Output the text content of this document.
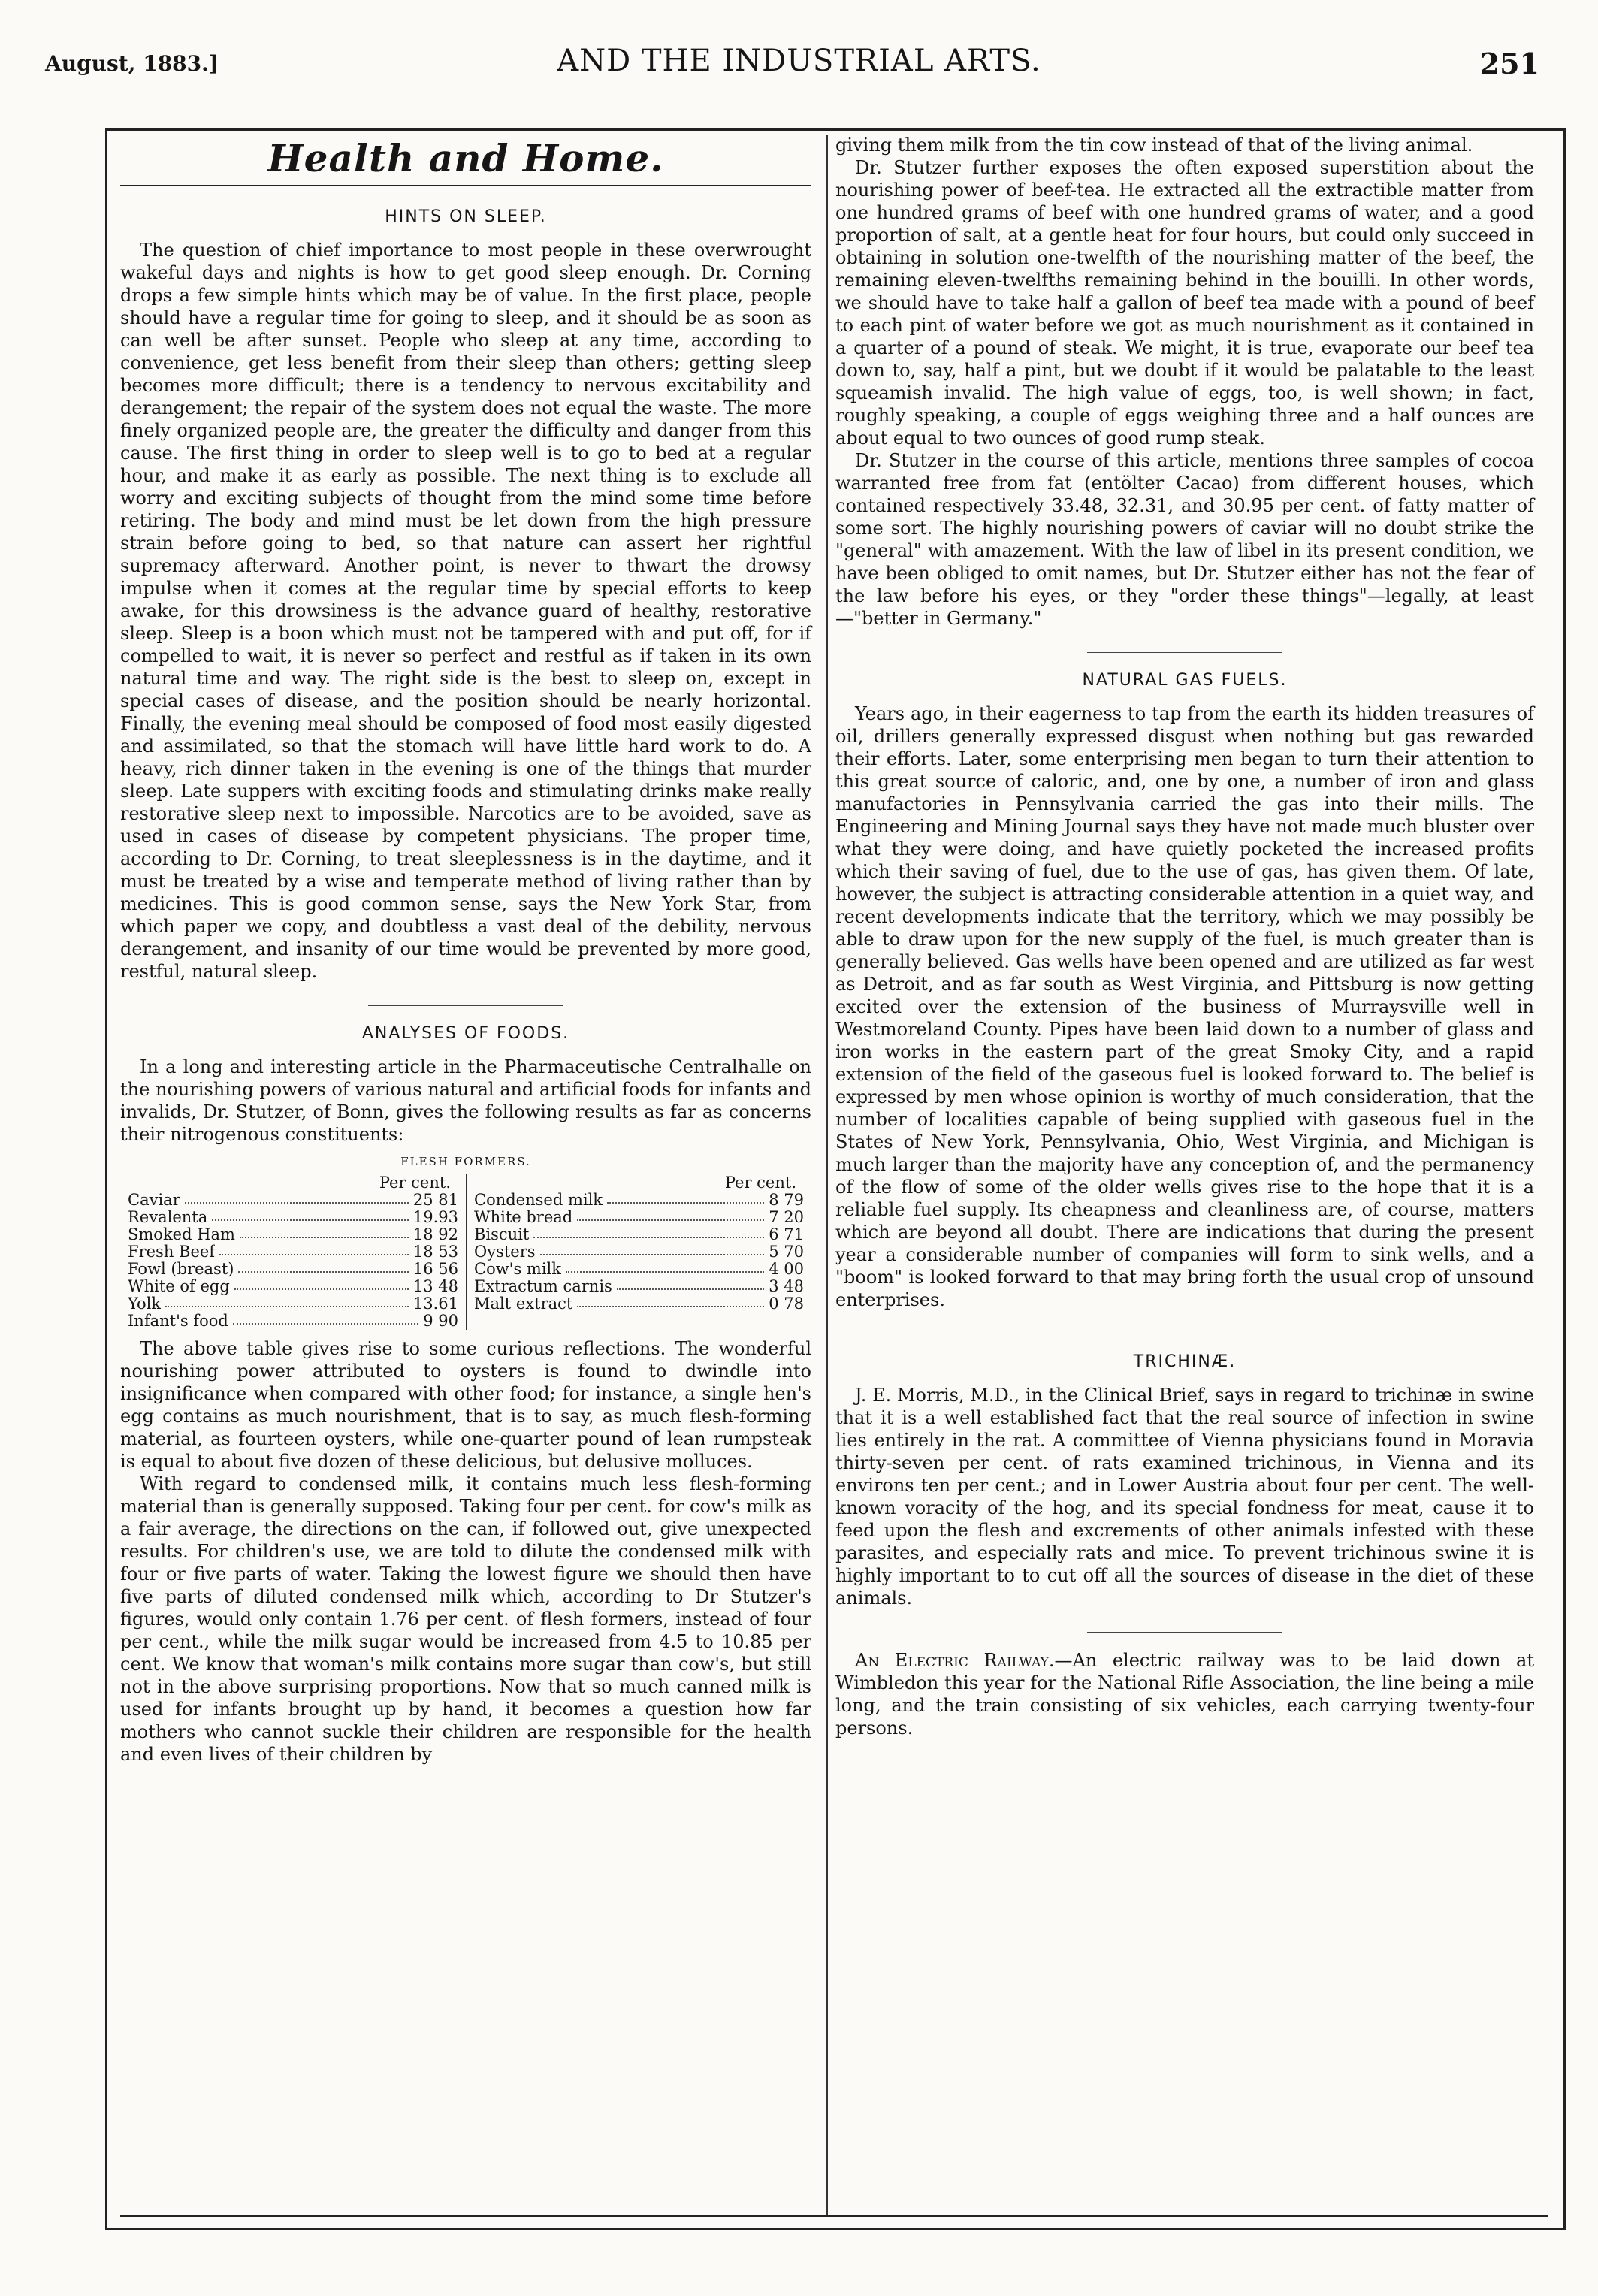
August, 1883.]	AND THE INDUSTRIAL ARTS.	251
Health and Home.
HINTS ON SLEEP.

The question of chief importance to most people in these overwrought wakeful days and nights is how to get good sleep enough. Dr. Corning drops a few simple hints which may be of value. In the first place, people should have a regular time for going to sleep, and it should be as soon as can well be after sunset. People who sleep at any time, according to convenience, get less benefit from their sleep than others; getting sleep becomes more difficult; there is a tendency to nervous excitability and derangement; the repair of the system does not equal the waste. The more finely organized people are, the greater the difficulty and danger from this cause. The first thing in order to sleep well is to go to bed at a regular hour, and make it as early as possible. The next thing is to exclude all worry and exciting subjects of thought from the mind some time before retiring. The body and mind must be let down from the high pressure strain before going to bed, so that nature can assert her rightful supremacy afterward. Another point, is never to thwart the drowsy impulse when it comes at the regular time by special efforts to keep awake, for this drowsiness is the advance guard of healthy, restorative sleep. Sleep is a boon which must not be tampered with and put off, for if compelled to wait, it is never so perfect and restful as if taken in its own natural time and way. The right side is the best to sleep on, except in special cases of disease, and the position should be nearly horizontal. Finally, the evening meal should be composed of food most easily digested and assimilated, so that the stomach will have little hard work to do. A heavy, rich dinner taken in the evening is one of the things that murder sleep. Late suppers with exciting foods and stimulating drinks make really restorative sleep next to impossible. Narcotics are to be avoided, save as used in cases of disease by competent physicians. The proper time, according to Dr. Corning, to treat sleeplessness is in the daytime, and it must be treated by a wise and temperate method of living rather than by medicines. This is good common sense, says the New York Star, from which paper we copy, and doubtless a vast deal of the debility, nervous derangement, and insanity of our time would be prevented by more good, restful, natural sleep.

ANALYSES OF FOODS.

In a long and interesting article in the Pharmaceutische Centralhalle on the nourishing powers of various natural and artificial foods for infants and invalids, Dr. Stutzer, of Bonn, gives the following results as far as concerns their nitrogenous constituents:

FLESH FORMERS.
Per cent.
Caviar	25 81
Revalenta	19.93
Smoked Ham	18 92
Fresh Beef	18 53
Fowl (breast)	16 56
White of egg	13 48
Yolk	13.61
Infant's food	9 90
Per cent.
Condensed milk	8 79
White bread	7 20
Biscuit	6 71
Oysters	5 70
Cow's milk	4 00
Extractum carnis	3 48
Malt extract	0 78

The above table gives rise to some curious reflections. The wonderful nourishing power attributed to oysters is found to dwindle into insignificance when compared with other food; for instance, a single hen's egg contains as much nourishment, that is to say, as much flesh-forming material, as fourteen oysters, while one-quarter pound of lean rumpsteak is equal to about five dozen of these delicious, but delusive molluces.

With regard to condensed milk, it contains much less flesh-forming material than is generally supposed. Taking four per cent. for cow's milk as a fair average, the directions on the can, if followed out, give unexpected results. For children's use, we are told to dilute the condensed milk with four or five parts of water. Taking the lowest figure we should then have five parts of diluted condensed milk which, according to Dr Stutzer's figures, would only contain 1.76 per cent. of flesh formers, instead of four per cent., while the milk sugar would be increased from 4.5 to 10.85 per cent. We know that woman's milk contains more sugar than cow's, but still not in the above surprising proportions. Now that so much canned milk is used for infants brought up by hand, it becomes a question how far mothers who cannot suckle their children are responsible for the health and even lives of their children by

giving them milk from the tin cow instead of that of the living animal.

Dr. Stutzer further exposes the often exposed superstition about the nourishing power of beef-tea. He extracted all the extractible matter from one hundred grams of beef with one hundred grams of water, and a good proportion of salt, at a gentle heat for four hours, but could only succeed in obtaining in solution one-twelfth of the nourishing matter of the beef, the remaining eleven-twelfths remaining behind in the bouilli. In other words, we should have to take half a gallon of beef tea made with a pound of beef to each pint of water before we got as much nourishment as it contained in a quarter of a pound of steak. We might, it is true, evaporate our beef tea down to, say, half a pint, but we doubt if it would be palatable to the least squeamish invalid. The high value of eggs, too, is well shown; in fact, roughly speaking, a couple of eggs weighing three and a half ounces are about equal to two ounces of good rump steak.

Dr. Stutzer in the course of this article, mentions three samples of cocoa warranted free from fat (entölter Cacao) from different houses, which contained respectively 33.48, 32.31, and 30.95 per cent. of fatty matter of some sort. The highly nourishing powers of caviar will no doubt strike the "general" with amazement. With the law of libel in its present condition, we have been obliged to omit names, but Dr. Stutzer either has not the fear of the law before his eyes, or they "order these things"—legally, at least—"better in Germany."

NATURAL GAS FUELS.

Years ago, in their eagerness to tap from the earth its hidden treasures of oil, drillers generally expressed disgust when nothing but gas rewarded their efforts. Later, some enterprising men began to turn their attention to this great source of caloric, and, one by one, a number of iron and glass manufactories in Pennsylvania carried the gas into their mills. The Engineering and Mining Journal says they have not made much bluster over what they were doing, and have quietly pocketed the increased profits which their saving of fuel, due to the use of gas, has given them. Of late, however, the subject is attracting considerable attention in a quiet way, and recent developments indicate that the territory, which we may possibly be able to draw upon for the new supply of the fuel, is much greater than is generally believed. Gas wells have been opened and are utilized as far west as Detroit, and as far south as West Virginia, and Pittsburg is now getting excited over the extension of the business of Murraysville well in Westmoreland County. Pipes have been laid down to a number of glass and iron works in the eastern part of the great Smoky City, and a rapid extension of the field of the gaseous fuel is looked forward to. The belief is expressed by men whose opinion is worthy of much consideration, that the number of localities capable of being supplied with gaseous fuel in the States of New York, Pennsylvania, Ohio, West Virginia, and Michigan is much larger than the majority have any conception of, and the permanency of the flow of some of the older wells gives rise to the hope that it is a reliable fuel supply. Its cheapness and cleanliness are, of course, matters which are beyond all doubt. There are indications that during the present year a considerable number of companies will form to sink wells, and a "boom" is looked forward to that may bring forth the usual crop of unsound enterprises.

TRICHINÆ.

J. E. Morris, M.D., in the Clinical Brief, says in regard to trichinæ in swine that it is a well established fact that the real source of infection in swine lies entirely in the rat. A committee of Vienna physicians found in Moravia thirty-seven per cent. of rats examined trichinous, in Vienna and its environs ten per cent.; and in Lower Austria about four per cent. The well-known voracity of the hog, and its special fondness for meat, cause it to feed upon the flesh and excrements of other animals infested with these parasites, and especially rats and mice. To prevent trichinous swine it is highly important to to cut off all the sources of disease in the diet of these animals.

An Electric Railway.—An electric railway was to be laid down at Wimbledon this year for the National Rifle Association, the line being a mile long, and the train consisting of six vehicles, each carrying twenty-four persons.
